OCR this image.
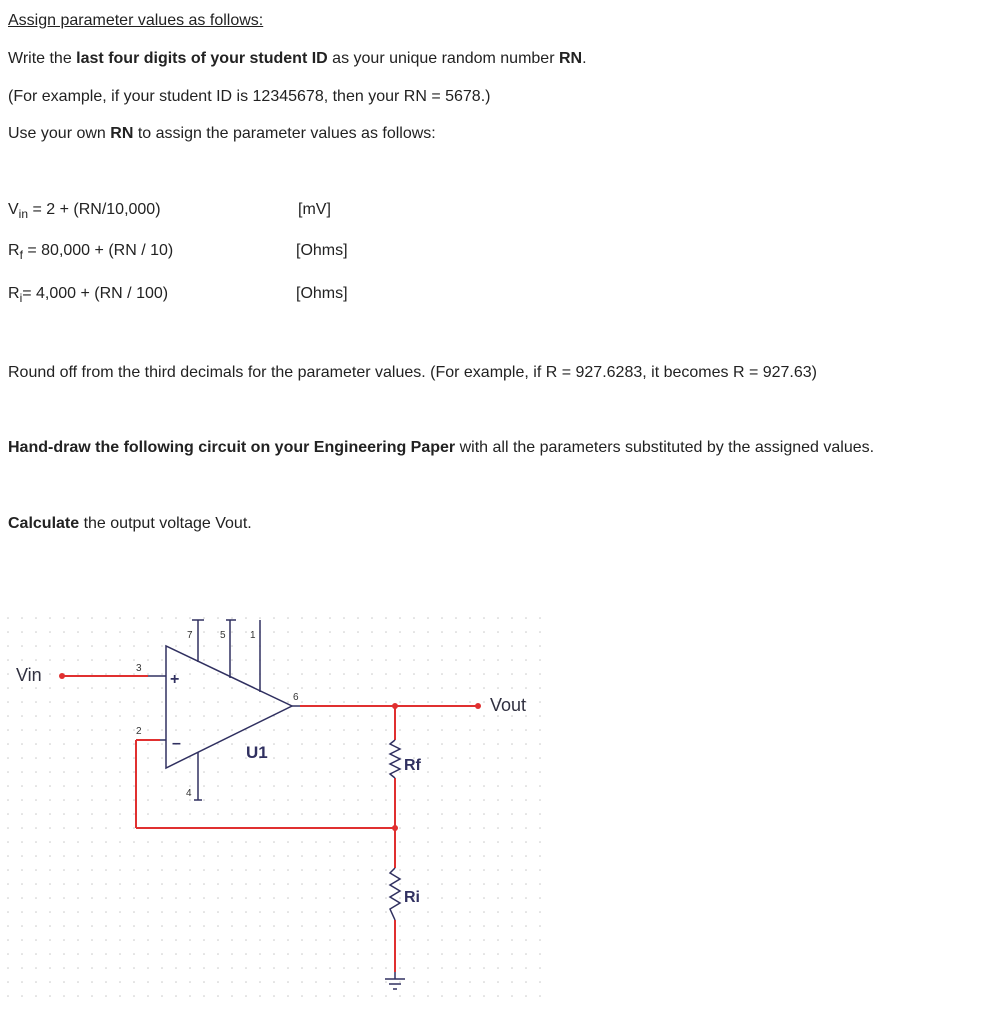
Assign parameter values as follows:
Write the last four digits of your student ID as your unique random number RN.
(For example, if your student ID is 12345678, then your RN = 5678.)
Use your own RN to assign the parameter values as follows:
$V_{in} = 2 + (RN/10,000)$	[mV]
$R_f = 80,000 + (RN / 10)$	[Ohms]
$R_i= 4,000 + (RN / 100)$	[Ohms]
Round off from the third decimals for the parameter values. (For example, if R = 927.6283, it becomes R = 927.63)
Hand-draw the following circuit on your Engineering Paper with all the parameters substituted by the assigned values.
Calculate the output voltage Vout.
3
2
7	5 1
6
4
+
–	U1
Rf
Ri
Vin
Vout
